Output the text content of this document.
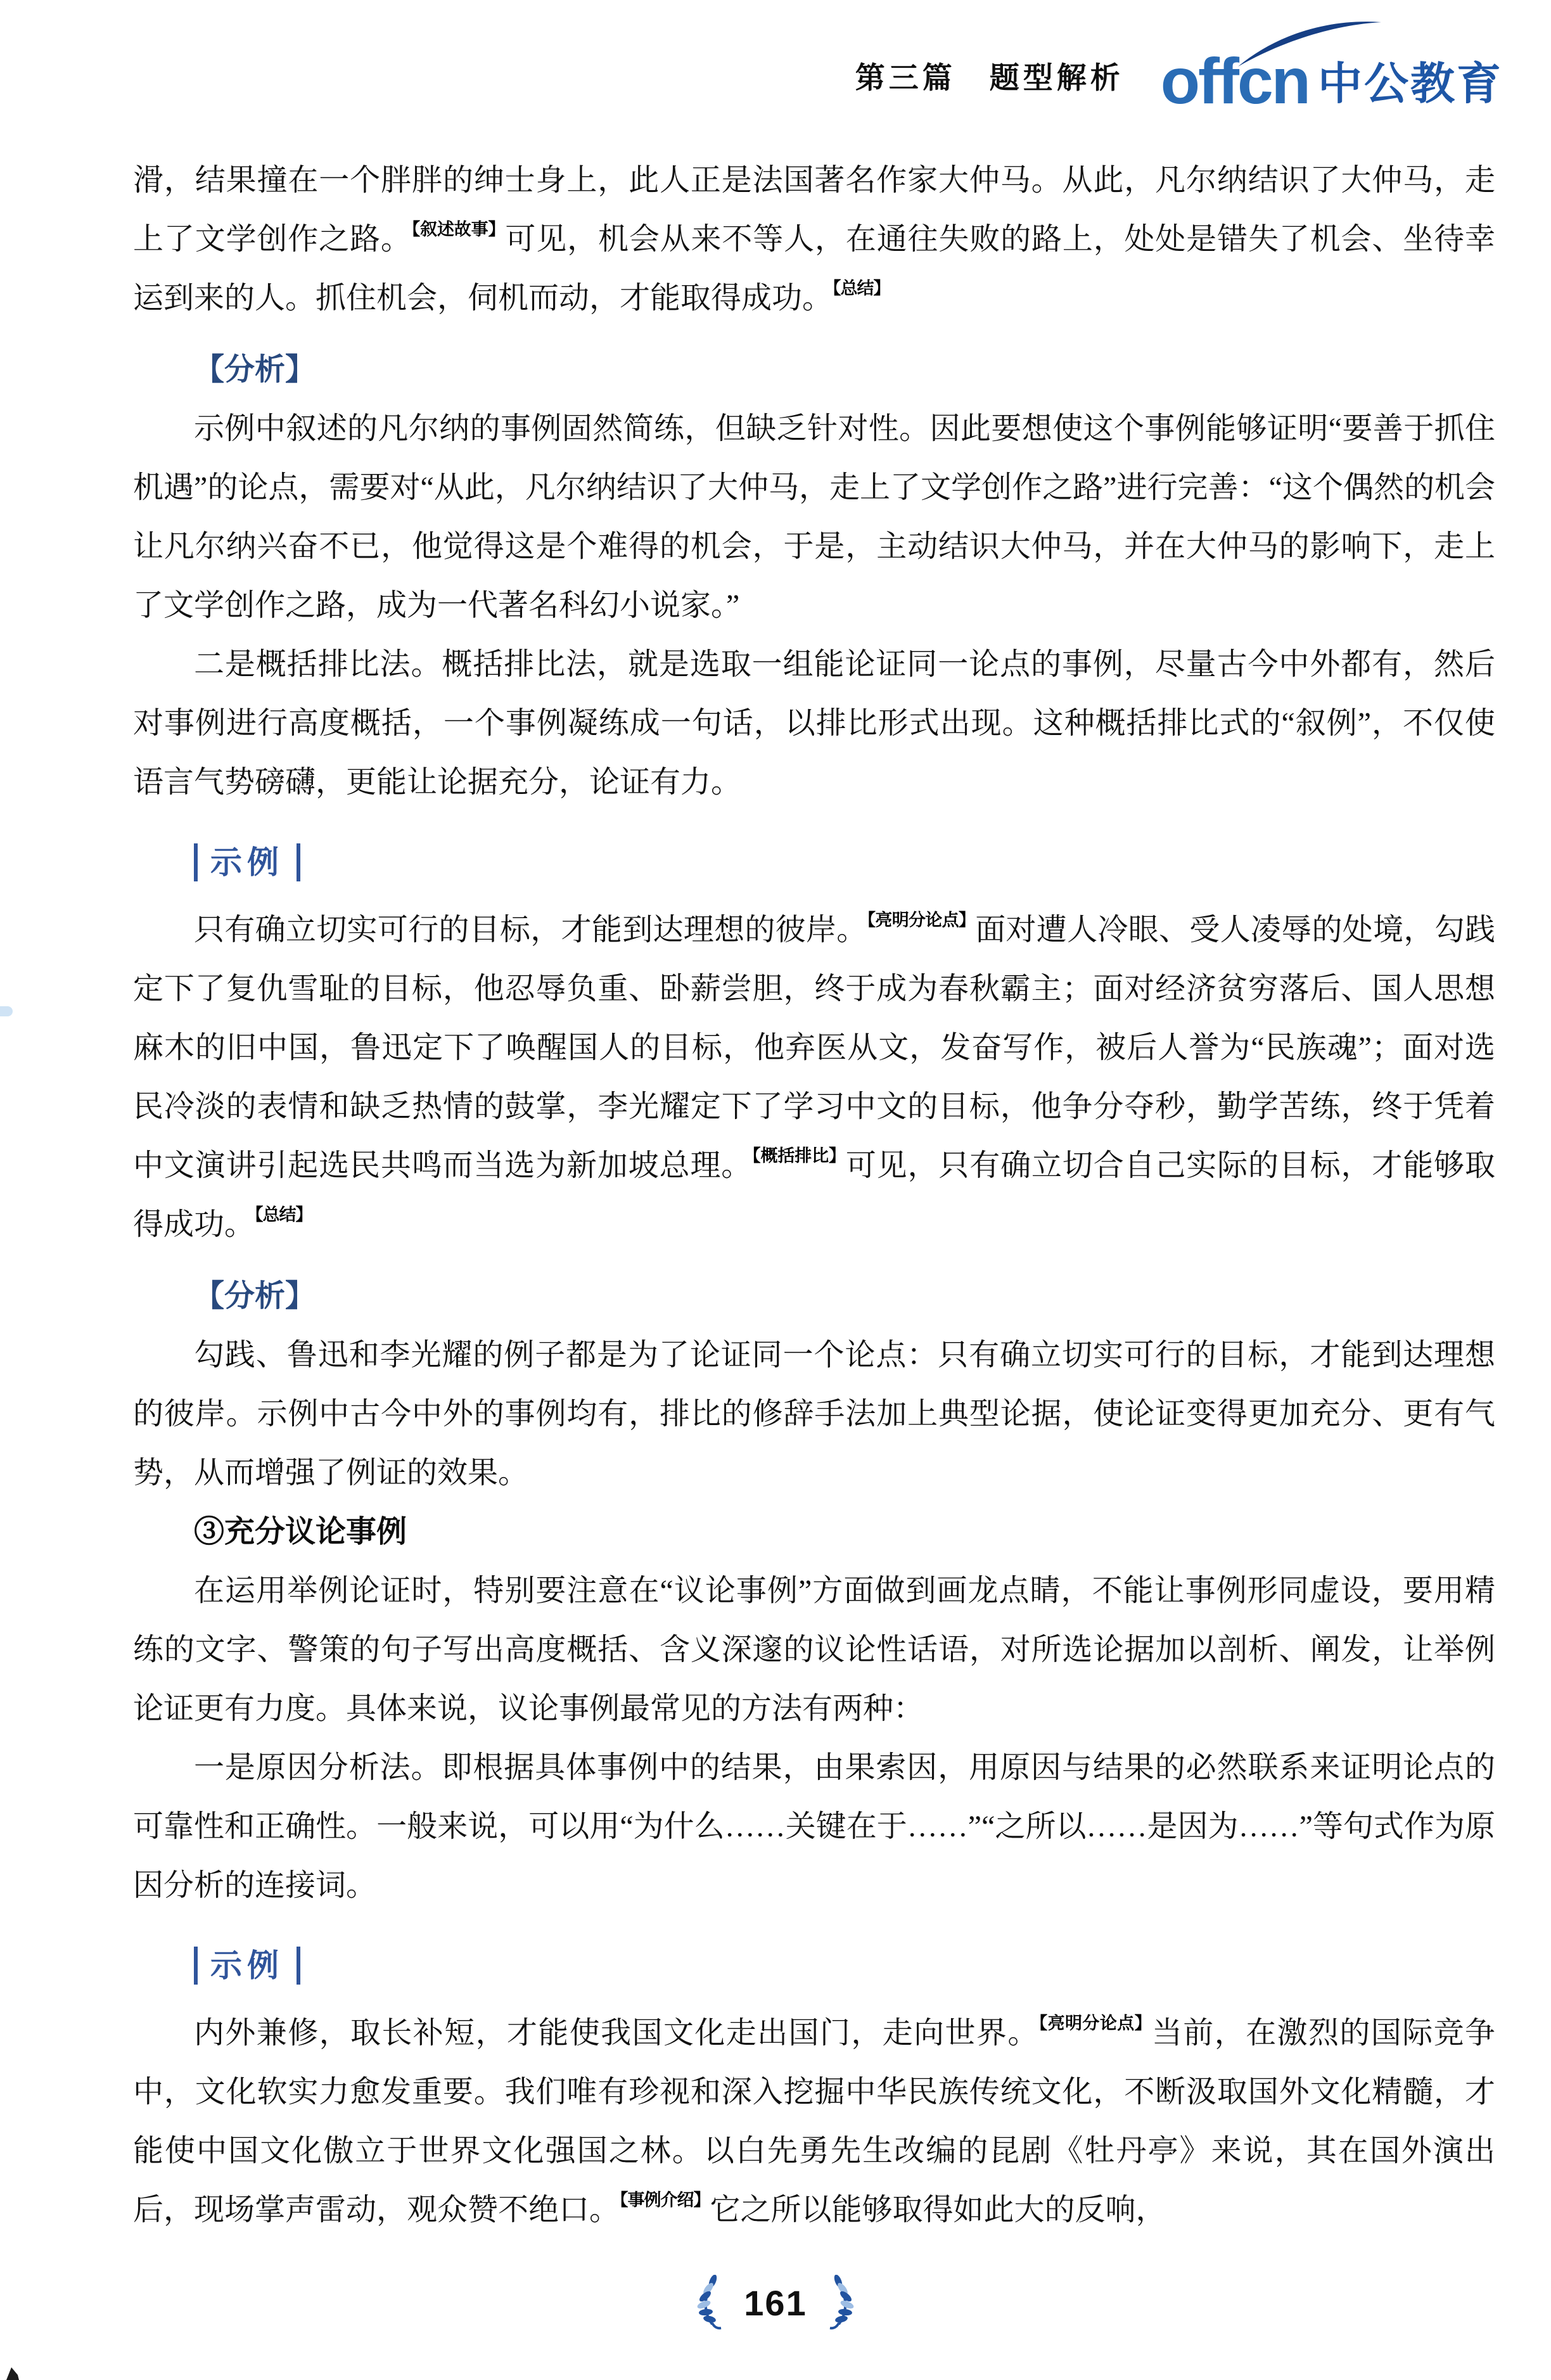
第三篇　题型解析 offcn 中公教育

滑，结果撞在一个胖胖的绅士身上，此人正是法国著名作家大仲马。从此，凡尔纳结识了大仲马，走上了文学创作之路。$^{【叙述故事】}$可见，机会从来不等人，在通往失败的路上，处处是错失了机会、坐待幸运到来的人。抓住机会，伺机而动，才能取得成功。$^{【总结】}$

【分析】

示例中叙述的凡尔纳的事例固然简练，但缺乏针对性。因此要想使这个事例能够证明“要善于抓住机遇”的论点，需要对“从此，凡尔纳结识了大仲马，走上了文学创作之路”进行完善：“这个偶然的机会让凡尔纳兴奋不已，他觉得这是个难得的机会，于是，主动结识大仲马，并在大仲马的影响下，走上了文学创作之路，成为一代著名科幻小说家。”

二是概括排比法。概括排比法，就是选取一组能论证同一论点的事例，尽量古今中外都有，然后对事例进行高度概括，一个事例凝练成一句话，以排比形式出现。这种概括排比式的“叙例”，不仅使语言气势磅礴，更能让论据充分，论证有力。

示例

只有确立切实可行的目标，才能到达理想的彼岸。$^{【亮明分论点】}$面对遭人冷眼、受人凌辱的处境，勾践定下了复仇雪耻的目标，他忍辱负重、卧薪尝胆，终于成为春秋霸主；面对经济贫穷落后、国人思想麻木的旧中国，鲁迅定下了唤醒国人的目标，他弃医从文，发奋写作，被后人誉为“民族魂”；面对选民冷淡的表情和缺乏热情的鼓掌，李光耀定下了学习中文的目标，他争分夺秒，勤学苦练，终于凭着中文演讲引起选民共鸣而当选为新加坡总理。$^{【概括排比】}$可见，只有确立切合自己实际的目标，才能够取得成功。$^{【总结】}$

【分析】

勾践、鲁迅和李光耀的例子都是为了论证同一个论点：只有确立切实可行的目标，才能到达理想的彼岸。示例中古今中外的事例均有，排比的修辞手法加上典型论据，使论证变得更加充分、更有气势，从而增强了例证的效果。

③充分议论事例

在运用举例论证时，特别要注意在“议论事例”方面做到画龙点睛，不能让事例形同虚设，要用精练的文字、警策的句子写出高度概括、含义深邃的议论性话语，对所选论据加以剖析、阐发，让举例论证更有力度。具体来说，议论事例最常见的方法有两种：

一是原因分析法。即根据具体事例中的结果，由果索因，用原因与结果的必然联系来证明论点的可靠性和正确性。一般来说，可以用“为什么……关键在于……”“之所以……是因为……”等句式作为原因分析的连接词。

示例

内外兼修，取长补短，才能使我国文化走出国门，走向世界。$^{【亮明分论点】}$当前，在激烈的国际竞争中，文化软实力愈发重要。我们唯有珍视和深入挖掘中华民族传统文化，不断汲取国外文化精髓，才能使中国文化傲立于世界文化强国之林。以白先勇先生改编的昆剧《牡丹亭》来说，其在国外演出后，现场掌声雷动，观众赞不绝口。$^{【事例介绍】}$它之所以能够取得如此大的反响，

161
